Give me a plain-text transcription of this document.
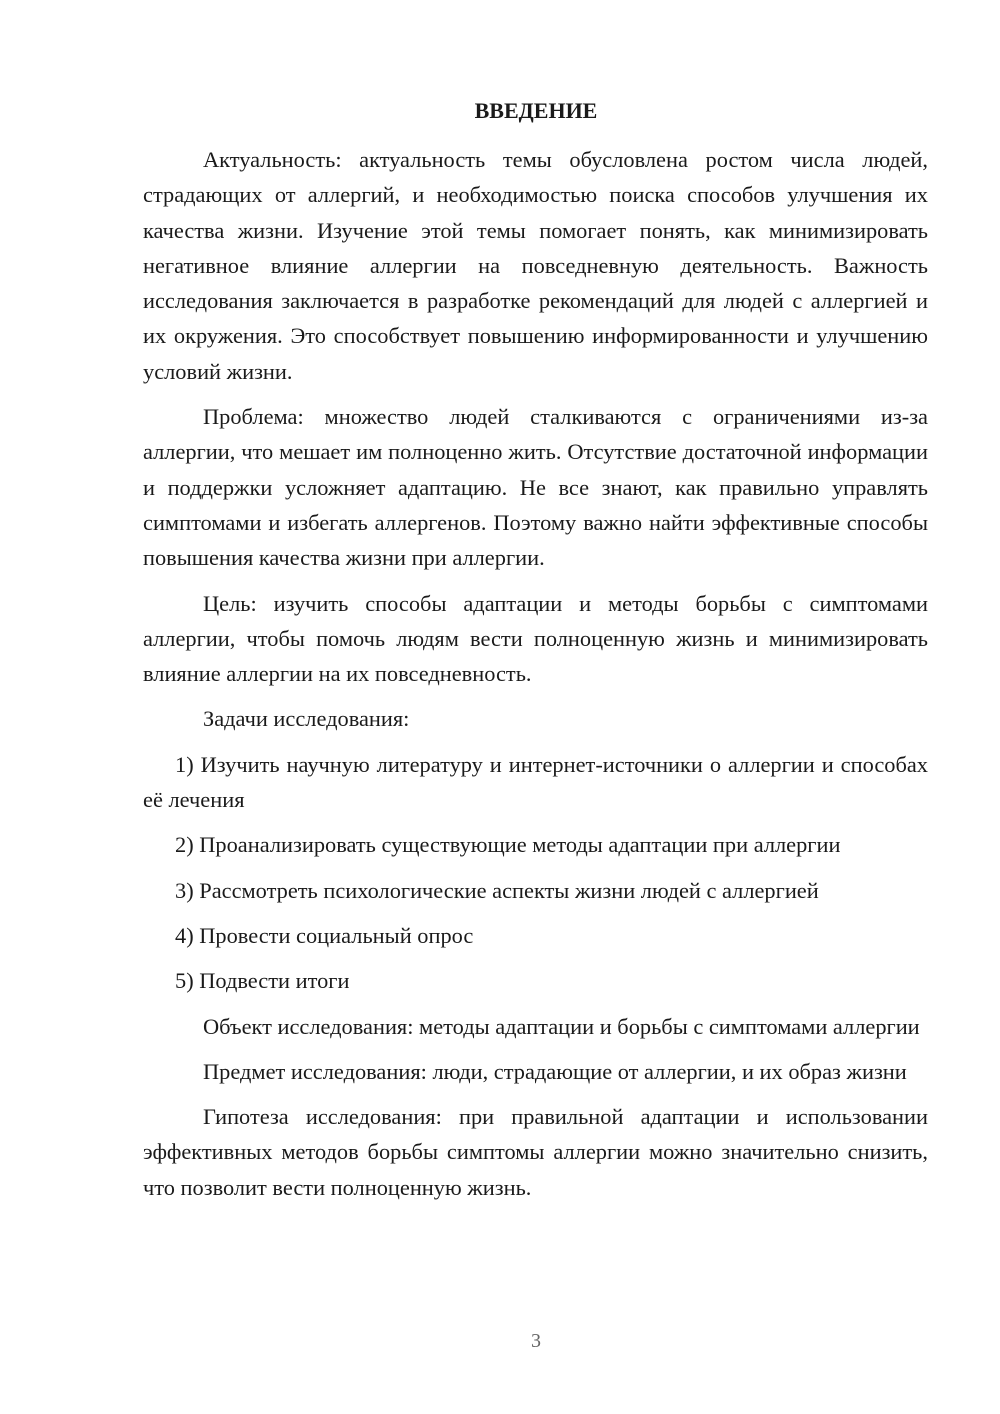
ВВЕДЕНИЕ

Актуальность: актуальность темы обусловлена ростом числа людей, страдающих от аллергий, и необходимостью поиска способов улучшения их качества жизни. Изучение этой темы помогает понять, как минимизировать негативное влияние аллергии на повседневную деятельность. Важность исследования заключается в разработке рекомендаций для людей с аллергией и их окружения. Это способствует повышению информированности и улучшению условий жизни.

Проблема: множество людей сталкиваются с ограничениями из-за аллергии, что мешает им полноценно жить. Отсутствие достаточной информации и поддержки усложняет адаптацию. Не все знают, как правильно управлять симптомами и избегать аллергенов. Поэтому важно найти эффективные способы повышения качества жизни при аллергии.

Цель: изучить способы адаптации и методы борьбы с симптомами аллергии, чтобы помочь людям вести полноценную жизнь и минимизировать влияние аллергии на их повседневность.

Задачи исследования:

1) Изучить научную литературу и интернет-источники о аллергии и способах её лечения

2) Проанализировать существующие методы адаптации при аллергии

3) Рассмотреть психологические аспекты жизни людей с аллергией

4) Провести социальный опрос

5) Подвести итоги

Объект исследования: методы адаптации и борьбы с симптомами аллергии

Предмет исследования: люди, страдающие от аллергии, и их образ жизни

Гипотеза исследования: при правильной адаптации и использовании эффективных методов борьбы симптомы аллергии можно значительно снизить, что позволит вести полноценную жизнь.

3
